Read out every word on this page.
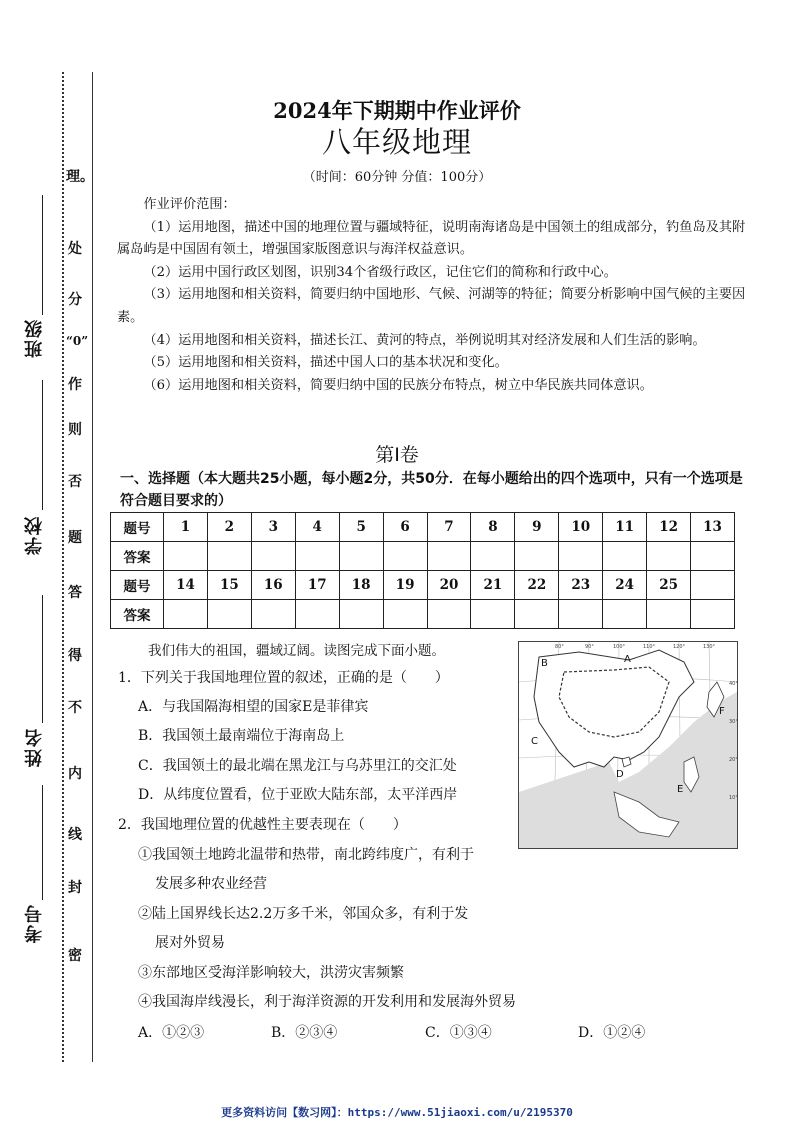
理。
处
分
“0”
作
则
否
题
答
得
不
内
线
封
密
班级
学校
姓名
考号
2024年下期期中作业评价
八年级地理
（时间：60分钟 分值：100分）

作业评价范围：

（1）运用地图，描述中国的地理位置与疆域特征，说明南海诸岛是中国领土的组成部分，钓鱼岛及其附属岛屿是中国固有领土，增强国家版图意识与海洋权益意识。

（2）运用中国行政区划图，识别34个省级行政区，记住它们的简称和行政中心。

（3）运用地图和相关资料，简要归纳中国地形、气候、河湖等的特征；简要分析影响中国气候的主要因素。

（4）运用地图和相关资料，描述长江、黄河的特点，举例说明其对经济发展和人们生活的影响。

（5）运用地图和相关资料，描述中国人口的基本状况和变化。

（6）运用地图和相关资料，简要归纳中国的民族分布特点，树立中华民族共同体意识。

第Ⅰ卷
一、选择题（本大题共25小题，每小题2分，共50分．在每小题给出的四个选项中，只有一个选项是符合题目要求的）
题号	1	2	3	4	5	6	7	8	9	10	11	12	13
答案													
题号	14	15	16	17	18	19	20	21	22	23	24	25	
答案													
我们伟大的祖国，疆域辽阔。读图完成下面小题。
1．下列关于我国地理位置的叙述，正确的是（　　）
A．与我国隔海相望的国家E是菲律宾
B．我国领土最南端位于海南岛上
C．我国领土的最北端在黑龙江与乌苏里江的交汇处
D．从纬度位置看，位于亚欧大陆东部，太平洋西岸
2．我国地理位置的优越性主要表现在（　　）
①我国领土地跨北温带和热带，南北跨纬度广，有利于
发展多种农业经营
②陆上国界线长达2.2万多千米，邻国众多，有利于发
展对外贸易
③东部地区受海洋影响较大，洪涝灾害频繁
④我国海岸线漫长，利于海洋资源的开发利用和发展海外贸易
A．①②③	B．②③④	C．①③④	D．①②④
A
B
C
D
E
F
80°	90°	100°	110°	120°	130°
40°
30°
20°
10°
更多资料访问【数习网】：https://www.51jiaoxi.com/u/2195370
